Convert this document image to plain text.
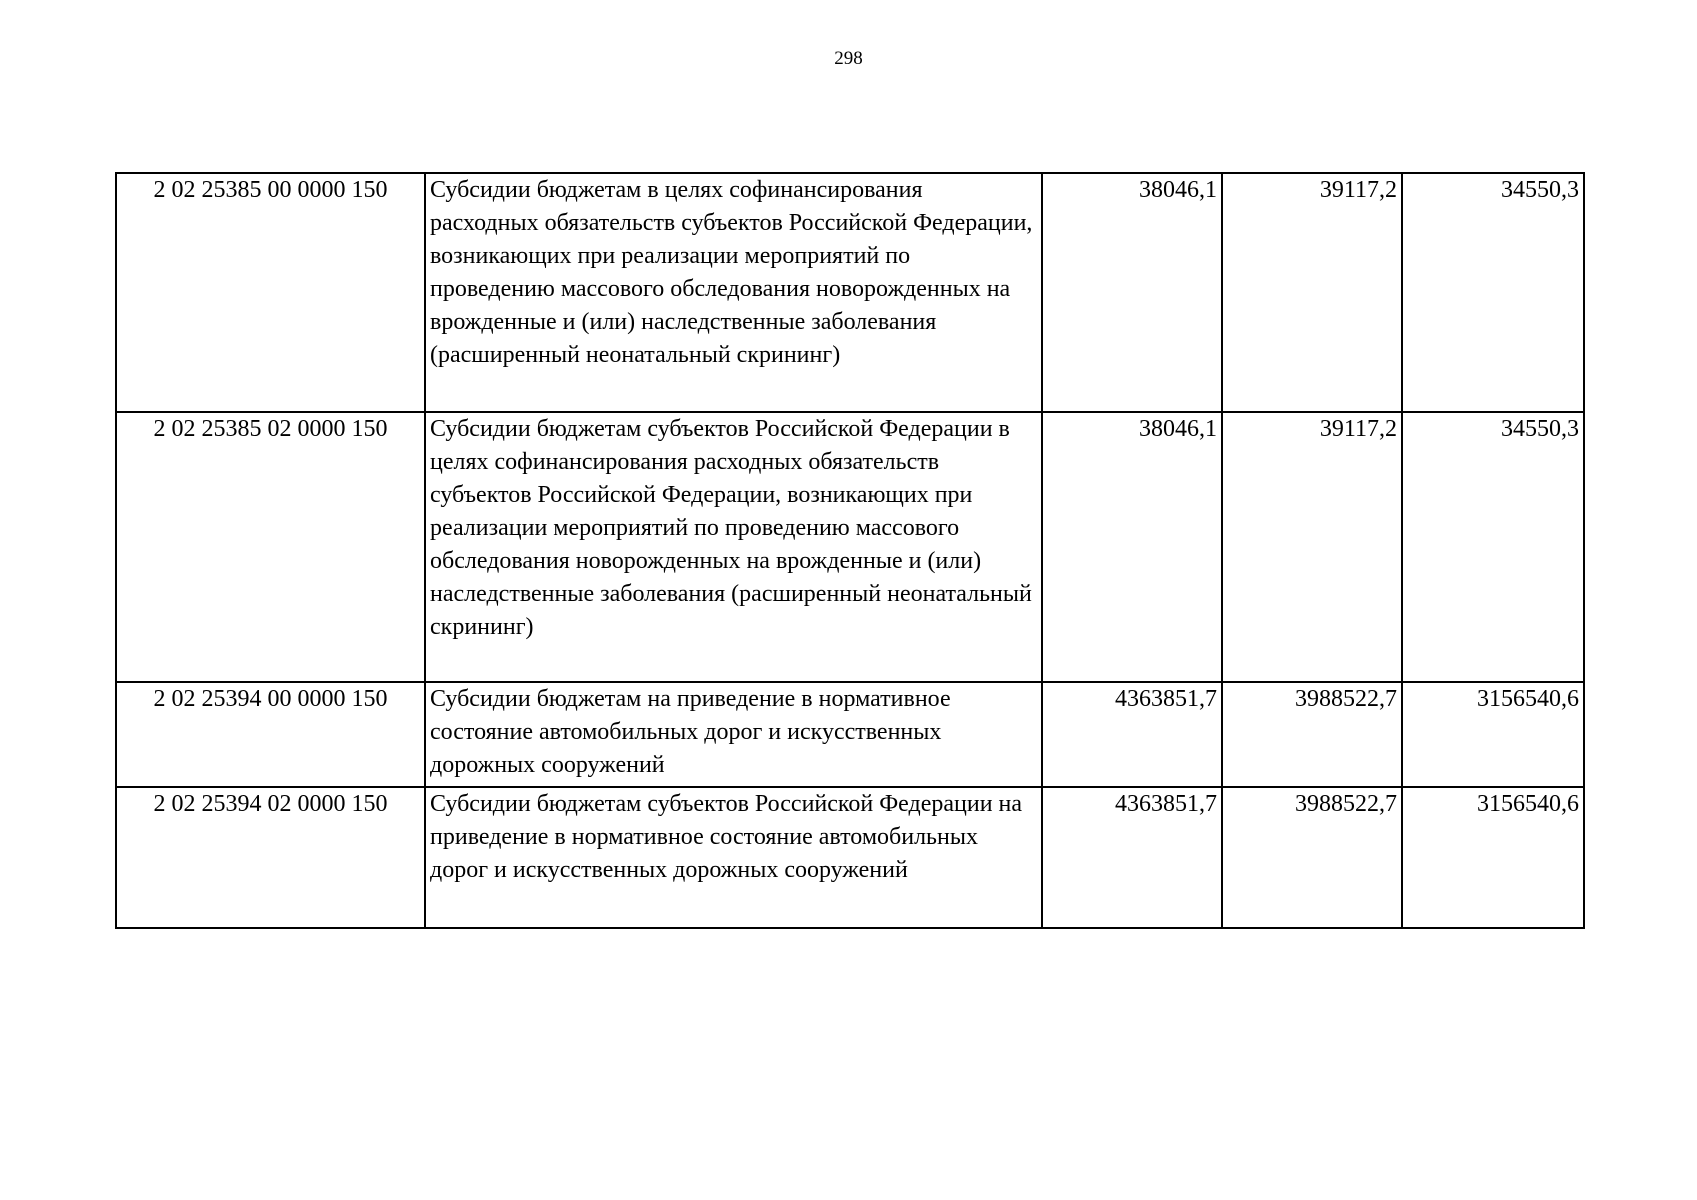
298
2 02 25385 00 0000 150	Субсидии бюджетам в целях софинансирования расходных обязательств субъектов Российской Федерации, возникающих при реализации мероприятий по проведению массового обследования новорожденных на врожденные и (или) наследственные заболевания (расширенный неонатальный скрининг)	38046,1	39117,2	34550,3
2 02 25385 02 0000 150	Субсидии бюджетам субъектов Российской Федерации в целях софинансирования расходных обязательств субъектов Российской Федерации, возникающих при реализации мероприятий по проведению массового обследования новорожденных на врожденные и (или) наследственные заболевания (расширенный неонатальный скрининг)	38046,1	39117,2	34550,3
2 02 25394 00 0000 150	Субсидии бюджетам на приведение в нормативное состояние автомобильных дорог и искусственных дорожных сооружений	4363851,7	3988522,7	3156540,6
2 02 25394 02 0000 150	Субсидии бюджетам субъектов Российской Федерации на приведение в нормативное состояние автомобильных дорог и искусственных дорожных сооружений	4363851,7	3988522,7	3156540,6
